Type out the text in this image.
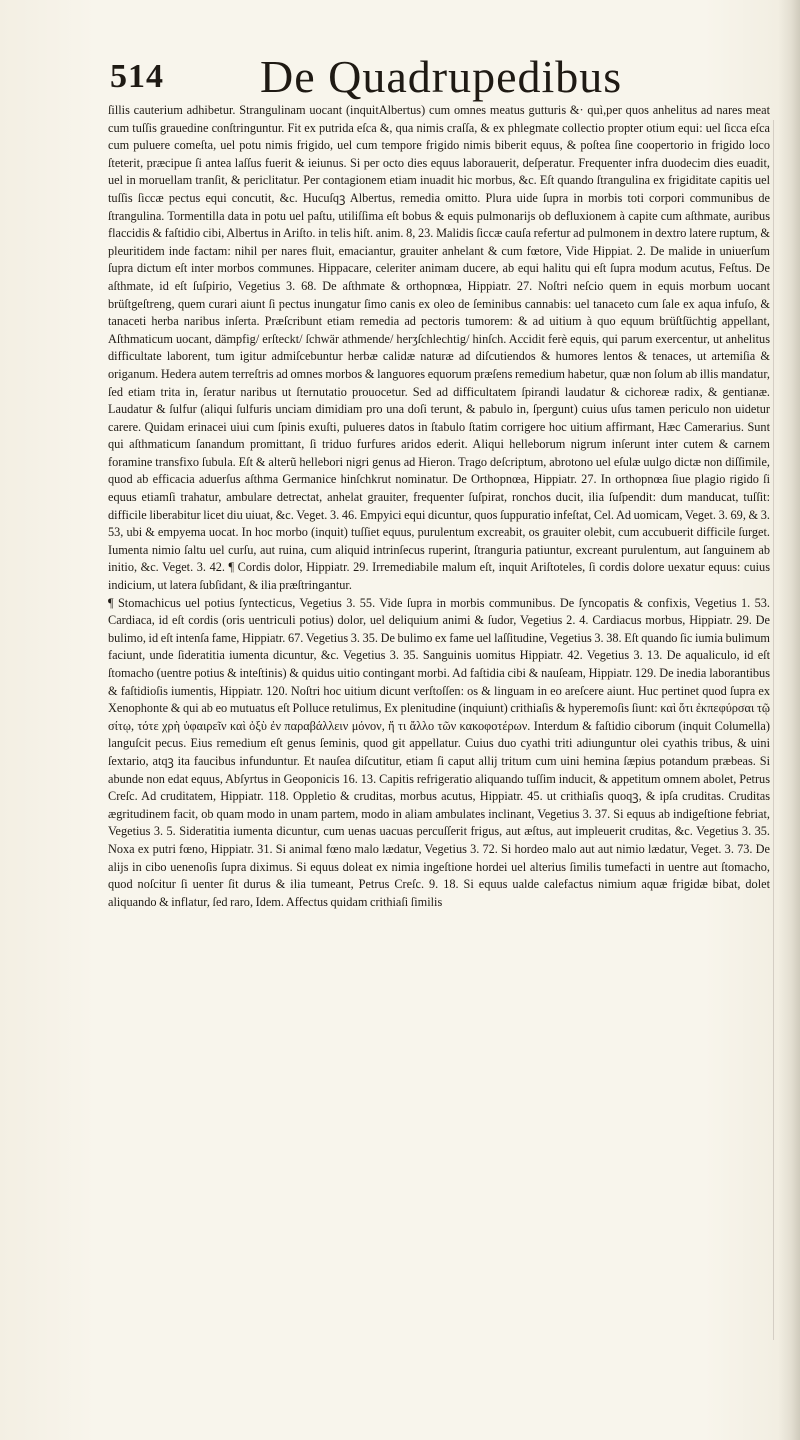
514 De Quadrupedibus

ſillis cauterium adhibetur. Strangulinam uocant (inquitAlbertus) cum omnes meatus gutturis &· quì,per quos anhelitus ad nares meat cum tuſſis grauedine conſtringuntur. Fit ex putrida eſca &, qua nimis craſſa, & ex phlegmate collectio propter otium equi: uel ſicca eſca cum puluere comeſta, uel potu nimis frigido, uel cum tempore frigido nimis biberit equus, & poſtea ſine coopertorio in frigido loco ſteterit, præcipue ſi antea laſſus fuerit & ieiunus. Si per octo dies equus laborauerit, deſperatur. Frequenter infra duodecim dies euadit, uel in moruellam tranſit, & periclitatur. Per contagionem etiam inuadit hic morbus, &c. Eſt quando ſtrangulina ex frigiditate capitis uel tuſſis ſiccæ pectus equi concutit, &c. Hucuſqꝫ Albertus, remedia omitto. Plura uide ſupra in morbis toti corpori communibus de ſtrangulina. Tormentilla data in potu uel paſtu, utiliſſima eſt bobus & equis pulmonarijs ob defluxionem à capite cum aſthmate, auribus flaccidis & faſtidio cibi, Albertus in Ariſto. in telis hiſt. anim. 8, 23. Malidis ſiccæ cauſa refertur ad pulmonem in dextro latere ruptum, & pleuritidem inde factam: nihil per nares fluit, emaciantur, grauiter anhelant & cum fœtore, Vide Hippiat. 2. De malide in uniuerſum ſupra dictum eſt inter morbos communes. Hippacare, celeriter animam ducere, ab equi halitu qui eſt ſupra modum acutus, Feſtus. De aſthmate, id eſt ſuſpirio, Vegetius 3. 68. De aſthmate & orthopnœa, Hippiatr. 27. Noſtri neſcio quem in equis morbum uocant brüſtgeſtreng, quem curari aiunt ſi pectus inungatur ſimo canis ex oleo de ſeminibus cannabis: uel tanaceto cum ſale ex aqua infuſo, & tanaceti herba naribus inſerta. Præſcribunt etiam remedia ad pectoris tumorem: & ad uitium à quo equum brüſtſüchtig appellant, Aſthmaticum uocant, dämpfig/ erſteckt/ ſchwär athmende/ herʒſchlechtig/ hinſch. Accidit ferè equis, qui parum exercentur, ut anhelitus difficultate laborent, tum igitur admiſcebuntur herbæ calidæ naturæ ad diſcutiendos & humores lentos & tenaces, ut artemiſia & origanum. Hedera autem terreſtris ad omnes morbos & languores equorum præſens remedium habetur, quæ non ſolum ab illis mandatur, ſed etiam trita in, ſeratur naribus ut ſternutatio prouocetur. Sed ad difficultatem ſpirandi laudatur & cichoreæ radix, & gentianæ. Laudatur & ſulfur (aliqui ſulfuris unciam dimidiam pro una doſi terunt, & pabulo in, ſpergunt) cuius uſus tamen periculo non uidetur carere. Quidam erinacei uiui cum ſpinis exuſti, pulueres datos in ſtabulo ſtatim corrigere hoc uitium affirmant, Hæc Camerarius. Sunt qui aſthmaticum ſanandum promittant, ſi triduo furfures aridos ederit. Aliqui helleborum nigrum inſerunt inter cutem & carnem foramine transfixo ſubula. Eſt & alterũ hellebori nigri genus ad Hieron. Trago deſcriptum, abrotono uel eſulæ uulgo dictæ non diſſimile, quod ab efficacia aduerſus aſthma Germanice hinſchkrut nominatur. De Orthopnœa, Hippiatr. 27. In orthopnœa ſiue plagio rigido ſi equus etiamſi trahatur, ambulare detrectat, anhelat grauiter, frequenter ſuſpirat, ronchos ducit, ilia ſuſpendit: dum manducat, tuſſit: difficile liberabitur licet diu uiuat, &c. Veget. 3. 46. Empyici equi dicuntur, quos ſuppuratio infeſtat, Cel. Ad uomicam, Veget. 3. 69, & 3. 53, ubi & empyema uocat. In hoc morbo (inquit) tuſſiet equus, purulentum excreabit, os grauiter olebit, cum accubuerit difficile ſurget. Iumenta nimio ſaltu uel curſu, aut ruina, cum aliquid intrinſecus ruperint, ſtranguria patiuntur, excreant purulentum, aut ſanguinem ab initio, &c. Veget. 3. 42. ¶ Cordis dolor, Hippiatr. 29. Irremediabile malum eſt, inquit Ariſtoteles, ſi cordis dolore uexatur equus: cuius indicium, ut latera ſubſidant, & ilia præſtringantur.

¶ Stomachicus uel potius ſyntecticus, Vegetius 3. 55. Vide ſupra in morbis communibus. De ſyncopatis & confixis, Vegetius 1. 53. Cardiaca, id eſt cordis (oris uentriculi potius) dolor, uel deliquium animi & ſudor, Vegetius 2. 4. Cardiacus morbus, Hippiatr. 29. De bulimo, id eſt intenſa fame, Hippiatr. 67. Vegetius 3. 35. De bulimo ex fame uel laſſitudine, Vegetius 3. 38. Eſt quando ſic iumia bulimum faciunt, unde ſideratitia iumenta dicuntur, &c. Vegetius 3. 35. Sanguinis uomitus Hippiatr. 42. Vegetius 3. 13. De aqualiculo, id eſt ſtomacho (uentre potius & inteſtinis) & quidus uitio contingant morbi. Ad faſtidia cibi & nauſeam, Hippiatr. 129. De inedia laborantibus & faſtidioſis iumentis, Hippiatr. 120. Noſtri hoc uitium dicunt verſtoſſen: os & linguam in eo areſcere aiunt. Huc pertinet quod ſupra ex Xenophonte & qui ab eo mutuatus eſt Polluce retulimus, Ex plenitudine (inquiunt) crithiaſis & hyperemoſis ſiunt: καὶ ὅτι ἐκπεφύρσαι τῷ σίτῳ, τότε χρὴ ὑφαιρεῖν καὶ ὀξὺ ἐν παραβάλλειν μόνον, ἤ τι ἄλλο τῶν κακοφοτέρων. Interdum & faſtidio ciborum (inquit Columella) languſcit pecus. Eius remedium eſt genus ſeminis, quod git appellatur. Cuius duo cyathi triti adiunguntur olei cyathis tribus, & uini ſextario, atqꝫ ita faucibus infunduntur. Et nauſea diſcutitur, etiam ſi caput allij tritum cum uini hemina ſæpius potandum præbeas. Si abunde non edat equus, Abſyrtus in Geoponicis 16. 13. Capitis refrigeratio aliquando tuſſim inducit, & appetitum omnem abolet, Petrus Creſc. Ad cruditatem, Hippiatr. 118. Oppletio & cruditas, morbus acutus, Hippiatr. 45. ut crithiaſis quoqꝫ, & ipſa cruditas. Cruditas ægritudinem facit, ob quam modo in unam partem, modo in aliam ambulates inclinant, Vegetius 3. 37. Si equus ab indigeſtione febriat, Vegetius 3. 5. Sideratitia iumenta dicuntur, cum uenas uacuas percuſſerit frigus, aut æſtus, aut impleuerit cruditas, &c. Vegetius 3. 35. Noxa ex putri fœno, Hippiatr. 31. Si animal fœno malo lædatur, Vegetius 3. 72. Si hordeo malo aut aut nimio lædatur, Veget. 3. 73. De alijs in cibo uenenoſis ſupra diximus. Si equus doleat ex nimia ingeſtione hordei uel alterius ſimilis tumefacti in uentre aut ſtomacho, quod noſcitur ſi uenter ſit durus & ilia tumeant, Petrus Creſc. 9. 18. Si equus ualde calefactus nimium aquæ frigidæ bibat, dolet aliquando & inflatur, ſed raro, Idem. Affectus quidam crithiaſi ſimilis
